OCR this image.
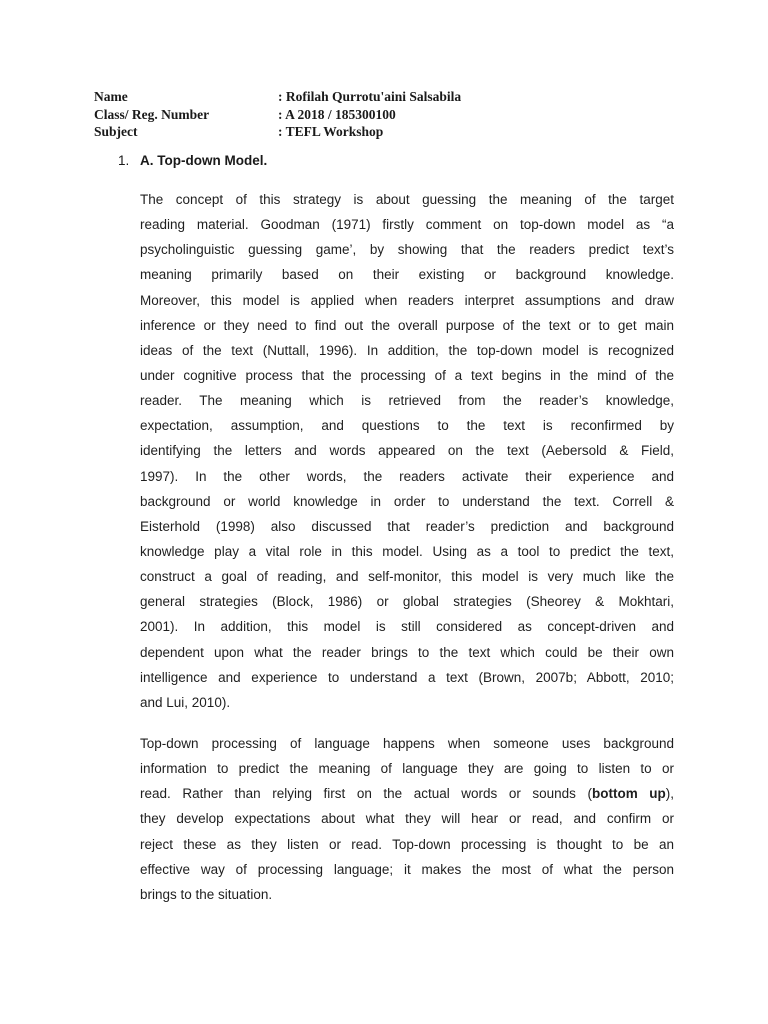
Name	: Rofilah Qurrotu'aini Salsabila
Class/ Reg. Number	: A 2018 / 185300100
Subject	: TEFL Workshop
1. A. Top-down Model.
The concept of this strategy is about guessing the meaning of the target
reading material. Goodman (1971) firstly comment on top-down model as “a
psycholinguistic guessing game’, by showing that the readers predict text’s
meaning primarily based on their existing or background knowledge.
Moreover, this model is applied when readers interpret assumptions and draw
inference or they need to find out the overall purpose of the text or to get main
ideas of the text (Nuttall, 1996). In addition, the top-down model is recognized
under cognitive process that the processing of a text begins in the mind of the
reader. The meaning which is retrieved from the reader’s knowledge,
expectation, assumption, and questions to the text is reconfirmed by
identifying the letters and words appeared on the text (Aebersold & Field,
1997). In the other words, the readers activate their experience and
background or world knowledge in order to understand the text. Correll &
Eisterhold (1998) also discussed that reader’s prediction and background
knowledge play a vital role in this model. Using as a tool to predict the text,
construct a goal of reading, and self-monitor, this model is very much like the
general strategies (Block, 1986) or global strategies (Sheorey & Mokhtari,
2001). In addition, this model is still considered as concept-driven and
dependent upon what the reader brings to the text which could be their own
intelligence and experience to understand a text (Brown, 2007b; Abbott, 2010;
and Lui, 2010).
Top-down processing of language happens when someone uses background
information to predict the meaning of language they are going to listen to or
read. Rather than relying first on the actual words or sounds (bottom up),
they develop expectations about what they will hear or read, and confirm or
reject these as they listen or read. Top-down processing is thought to be an
effective way of processing language; it makes the most of what the person
brings to the situation.
